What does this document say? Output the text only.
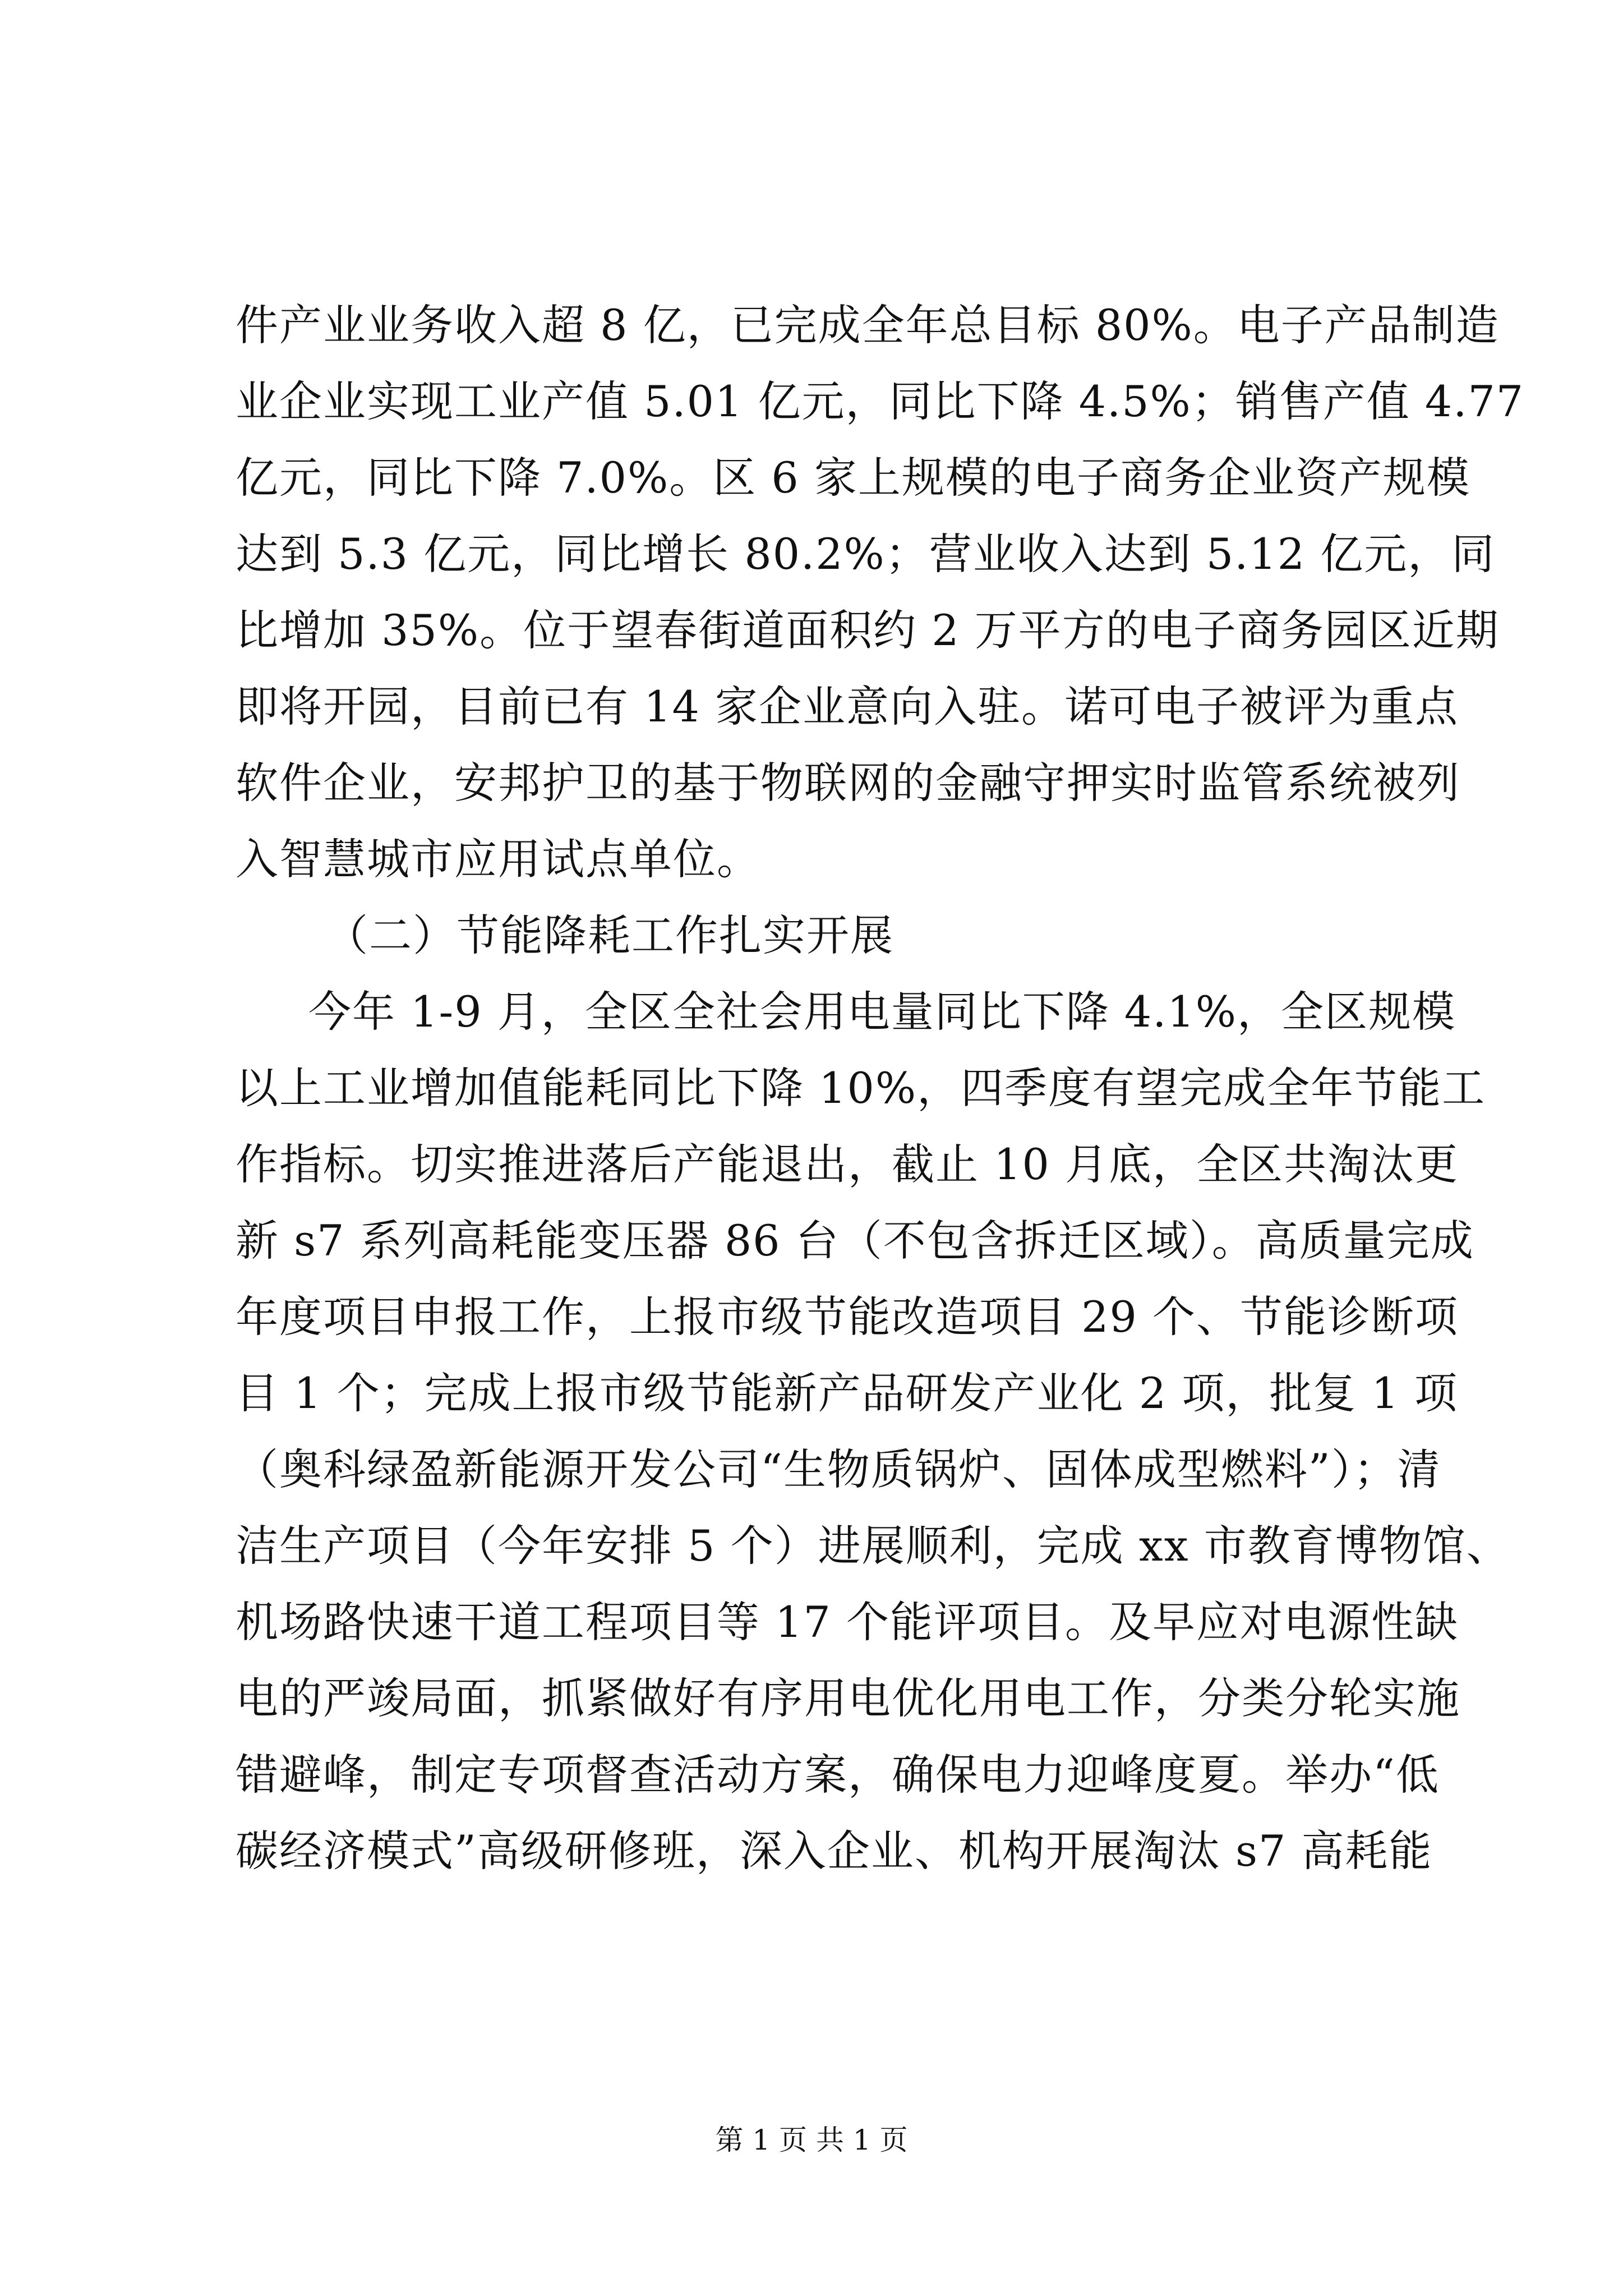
件产业业务收入超 8 亿，已完成全年总目标 80%。电子产品制造
业企业实现工业产值 5.01 亿元，同比下降 4.5%；销售产值 4.77
亿元，同比下降 7.0%。区 6 家上规模的电子商务企业资产规模
达到 5.3 亿元，同比增长 80.2%；营业收入达到 5.12 亿元，同
比增加 35%。位于望春街道面积约 2 万平方的电子商务园区近期
即将开园，目前已有 14 家企业意向入驻。诺可电子被评为重点
软件企业，安邦护卫的基于物联网的金融守押实时监管系统被列
入智慧城市应用试点单位。
（二）节能降耗工作扎实开展
今年 1-9 月，全区全社会用电量同比下降 4.1%，全区规模
以上工业增加值能耗同比下降 10%，四季度有望完成全年节能工
作指标。切实推进落后产能退出，截止 10 月底，全区共淘汰更
新 s7 系列高耗能变压器 86 台（不包含拆迁区域）。高质量完成
年度项目申报工作，上报市级节能改造项目 29 个、节能诊断项
目 1 个；完成上报市级节能新产品研发产业化 2 项，批复 1 项
（奥科绿盈新能源开发公司“生物质锅炉、固体成型燃料”）；清
洁生产项目（今年安排 5 个）进展顺利，完成 xx 市教育博物馆、
机场路快速干道工程项目等 17 个能评项目。及早应对电源性缺
电的严竣局面，抓紧做好有序用电优化用电工作，分类分轮实施
错避峰，制定专项督查活动方案，确保电力迎峰度夏。举办“低
碳经济模式”高级研修班，深入企业、机构开展淘汰 s7 高耗能
第 1 页 共 1 页
